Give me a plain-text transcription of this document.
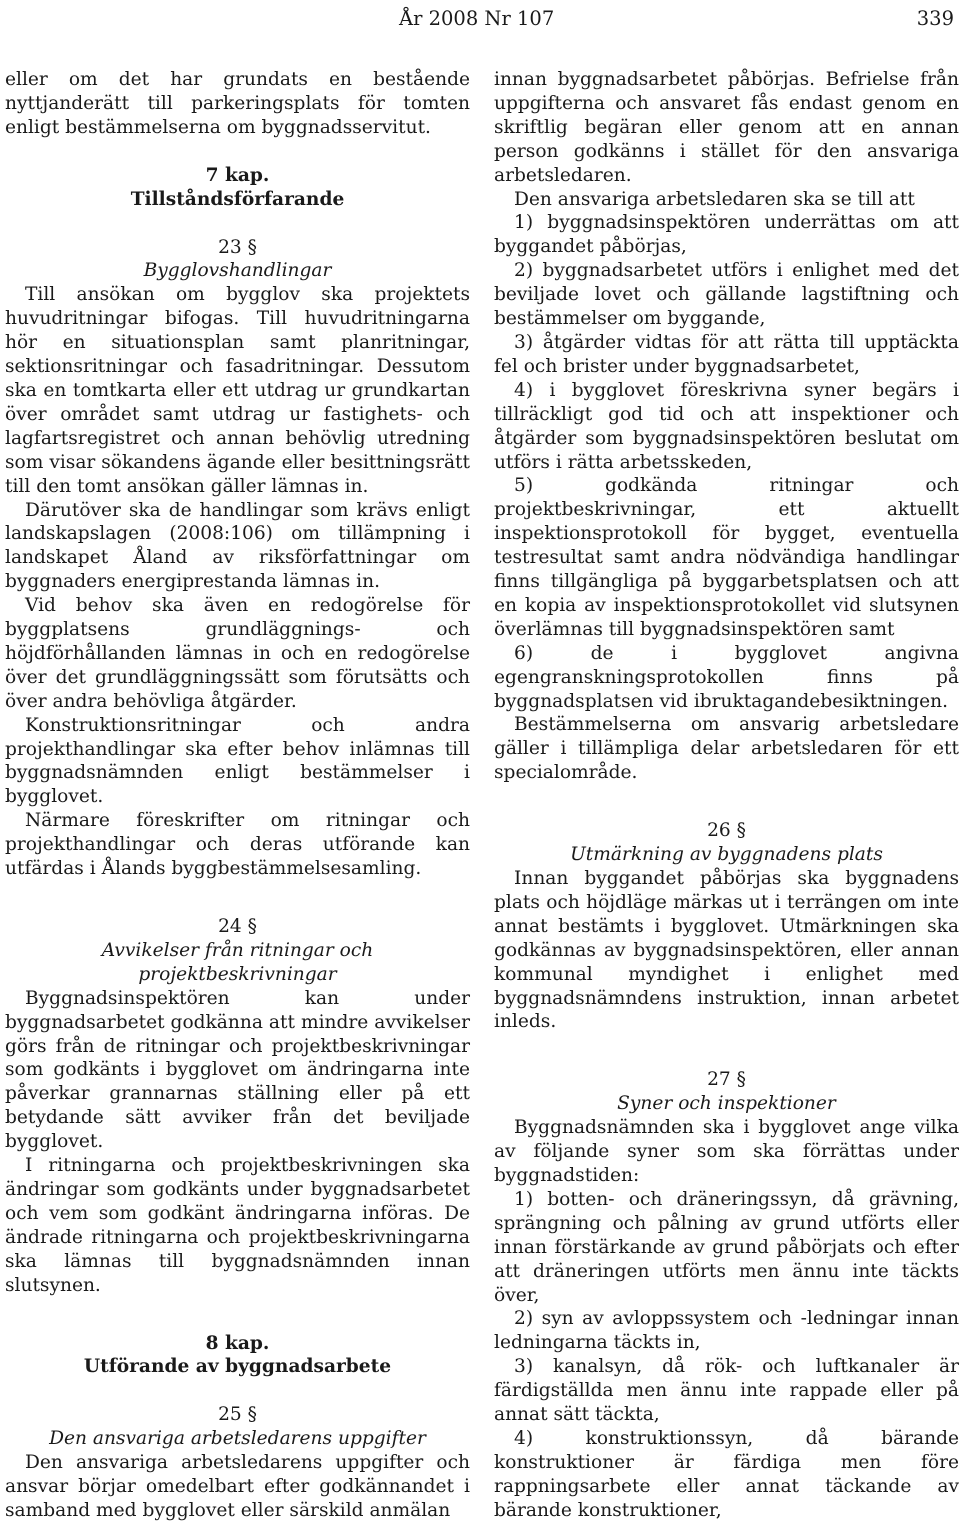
År 2008 Nr 107	339

eller om det har grundats en bestående nyttjanderätt till parkeringsplats för tomten enligt bestämmelserna om byggnadsservitut.

7 kap.

Tillståndsförfarande

23 §

Bygglovshandlingar

Till ansökan om bygglov ska projektets huvudritningar bifogas. Till huvudritningarna hör en situationsplan samt planritningar, sektionsritningar och fasadritningar. Dessutom ska en tomtkarta eller ett utdrag ur grundkartan över området samt utdrag ur fastighets- och lagfartsregistret och annan behövlig utredning som visar sökandens ägande eller besittningsrätt till den tomt ansökan gäller lämnas in.

Därutöver ska de handlingar som krävs enligt landskapslagen (2008:106) om tillämpning i landskapet Åland av riksförfattningar om byggnaders energiprestanda lämnas in.

Vid behov ska även en redogörelse för byggplatsens grundläggnings- och höjdförhållanden lämnas in och en redogörelse över det grundläggningssätt som förutsätts och över andra behövliga åtgärder.

Konstruktionsritningar och andra projekthandlingar ska efter behov inlämnas till byggnadsnämnden enligt bestämmelser i bygglovet.

Närmare föreskrifter om ritningar och projekthandlingar och deras utförande kan utfärdas i Ålands byggbestämmelsesamling.

24 §

Avvikelser från ritningar och projektbeskrivningar

Byggnadsinspektören kan under byggnadsarbetet godkänna att mindre avvikelser görs från de ritningar och projektbeskrivningar som godkänts i bygglovet om ändringarna inte påverkar grannarnas ställning eller på ett betydande sätt avviker från det beviljade bygglovet.

I ritningarna och projektbeskrivningen ska ändringar som godkänts under byggnadsarbetet och vem som godkänt ändringarna införas. De ändrade ritningarna och projektbeskrivningarna ska lämnas till byggnadsnämnden innan slutsynen.

8 kap.

Utförande av byggnadsarbete

25 §

Den ansvariga arbetsledarens uppgifter

Den ansvariga arbetsledarens uppgifter och ansvar börjar omedelbart efter godkännandet i samband med bygglovet eller särskild anmälan

innan byggnadsarbetet påbörjas. Befrielse från uppgifterna och ansvaret fås endast genom en skriftlig begäran eller genom att en annan person godkänns i stället för den ansvariga arbetsledaren.

Den ansvariga arbetsledaren ska se till att

1) byggnadsinspektören underrättas om att byggandet påbörjas,

2) byggnadsarbetet utförs i enlighet med det beviljade lovet och gällande lagstiftning och bestämmelser om byggande,

3) åtgärder vidtas för att rätta till upptäckta fel och brister under byggnadsarbetet,

4) i bygglovet föreskrivna syner begärs i tillräckligt god tid och att inspektioner och åtgärder som byggnadsinspektören beslutat om utförs i rätta arbetsskeden,

5) godkända ritningar och projektbeskrivningar, ett aktuellt inspektionsprotokoll för bygget, eventuella testresultat samt andra nödvändiga handlingar finns tillgängliga på byggarbetsplatsen och att en kopia av inspektionsprotokollet vid slutsynen överlämnas till byggnadsinspektören samt

6) de i bygglovet angivna egengranskningsprotokollen finns på byggnadsplatsen vid ibruktagandebesiktningen.

Bestämmelserna om ansvarig arbetsledare gäller i tillämpliga delar arbetsledaren för ett specialområde.

26 §

Utmärkning av byggnadens plats

Innan byggandet påbörjas ska byggnadens plats och höjdläge märkas ut i terrängen om inte annat bestämts i bygglovet. Utmärkningen ska godkännas av byggnadsinspektören, eller annan kommunal myndighet i enlighet med byggnadsnämndens instruktion, innan arbetet inleds.

27 §

Syner och inspektioner

Byggnadsnämnden ska i bygglovet ange vilka av följande syner som ska förrättas under byggnadstiden:

1) botten- och dräneringssyn, då grävning, sprängning och pålning av grund utförts eller innan förstärkande av grund påbörjats och efter att dräneringen utförts men ännu inte täckts över,

2) syn av avloppssystem och -ledningar innan ledningarna täckts in,

3) kanalsyn, då rök- och luftkanaler är färdigställda men ännu inte rappade eller på annat sätt täckta,

4) konstruktionssyn, då bärande konstruktioner är färdiga men före rappningsarbete eller annat täckande av bärande konstruktioner,
